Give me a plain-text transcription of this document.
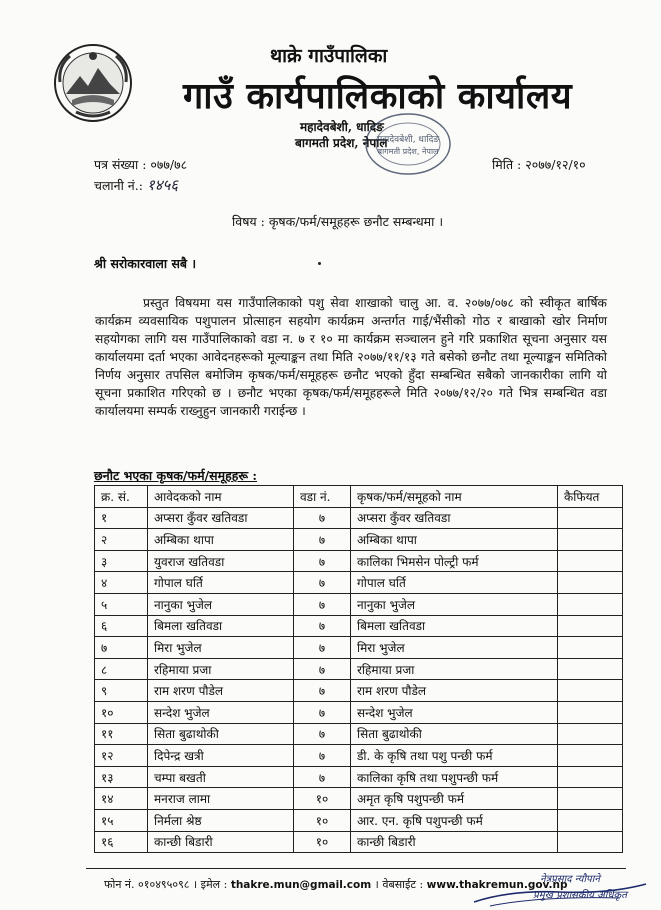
थाक्रे गाउँपालिका
गाउँ कार्यपालिकाको कार्यालय
महादेवबेशी, धादिङ
बागमती प्रदेश, नेपाल
महादेवबेशी, धादिङ
बागमती प्रदेश, नेपाल
पत्र संख्या : ०७७/७८
चलानी नं.: १४५६
मिति : २०७७/१२/१०
विषय : कृषक/फर्म/समूहहरू छनौट सम्बन्धमा ।
श्री सरोकारवाला सबै ।
प्रस्तुत विषयमा यस गाउँपालिकाको पशु सेवा शाखाको चालु आ. व. २०७७/०७८ को स्वीकृत बार्षिक कार्यक्रम व्यवसायिक पशुपालन प्रोत्साहन सहयोग कार्यक्रम अन्तर्गत गाई/भैंसीको गोठ र बाखाको खोर निर्माण सहयोगका लागि यस गाउँपालिकाको वडा न. ७ र १० मा कार्यक्रम सञ्चालन हुने गरि प्रकाशित सूचना अनुसार यस कार्यालयमा दर्ता भएका आवेदनहरूको मूल्याङ्कन तथा मिति २०७७/११/१३ गते बसेको छनौट तथा मूल्याङ्कन समितिको निर्णय अनुसार तपसिल बमोजिम कृषक/फर्म/समूहहरू छनौट भएको हुँदा सम्बन्धित सबैको जानकारीका लागि यो सूचना प्रकाशित गरिएको छ । छनौट भएका कृषक/फर्म/समूहहरूले मिति २०७७/१२/२० गते भित्र सम्बन्धित वडा कार्यालयमा सम्पर्क राख्नुहुन जानकारी गराईन्छ ।
छनौट भएका कृषक/फर्म/समूहहरू :
क्र. सं.	आवेदकको नाम	वडा नं.	कृषक/फर्म/समूहको नाम	कैफियत
१	अप्सरा कुँवर खतिवडा	७	अप्सरा कुँवर खतिवडा	
२	अम्बिका थापा	७	अम्बिका थापा	
३	युवराज खतिवडा	७	कालिका भिमसेन पोल्ट्री फर्म	
४	गोपाल घर्ति	७	गोपाल घर्ति	
५	नानुका भुजेल	७	नानुका भुजेल	
६	बिमला खतिवडा	७	बिमला खतिवडा	
७	मिरा भुजेल	७	मिरा भुजेल	
८	रहिमाया प्रजा	७	रहिमाया प्रजा	
९	राम शरण पौडेल	७	राम शरण पौडेल	
१०	सन्देश भुजेल	७	सन्देश भुजेल	
११	सिता बुढाथोकी	७	सिता बुढाथोकी	
१२	दिपेन्द्र खत्री	७	डी. के कृषि तथा पशु पन्छी फर्म	
१३	चम्पा बखती	७	कालिका कृषि तथा पशुपन्छी फर्म	
१४	मनराज लामा	१०	अमृत कृषि पशुपन्छी फर्म	
१५	निर्मला श्रेष्ठ	१०	आर. एन. कृषि पशुपन्छी फर्म	
१६	कान्छी बिडारी	१०	कान्छी बिडारी	
फोन नं. ०१०४९५०९८ । इमेल : thakre.mun@gmail.com । वेबसाईट : www.thakremun.gov.np
नेत्रप्रसाद न्यौपाने
प्रमुख प्रशासकीय अधिकृत
